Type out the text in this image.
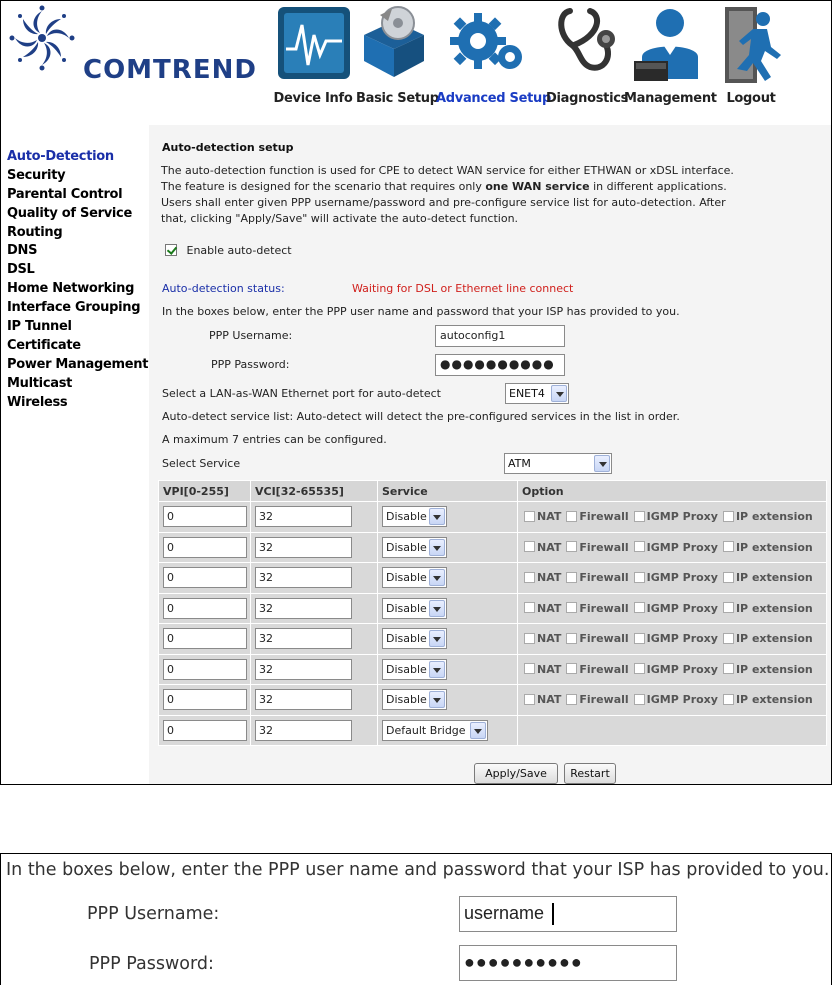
COMTREND
Device Info Basic Setup
Advanced Setup
Diagnostics
Management Logout
Auto-Detection
Security
Parental Control
Quality of Service
Routing
DNS
DSL
Home Networking
Interface Grouping
IP Tunnel
Certificate
Power Management
Multicast
Wireless
Auto-detection setup
The auto-detection function is used for CPE to detect WAN service for either ETHWAN or xDSL interface.
The feature is designed for the scenario that requires only one WAN service in different applications.
Users shall enter given PPP username/password and pre-configure service list for auto-detection. After
that, clicking "Apply/Save" will activate the auto-detect function.
Enable auto-detect
Auto-detection status:	Waiting for DSL or Ethernet line connect
In the boxes below, enter the PPP user name and password that your ISP has provided to you.
PPP Username:	autoconfig1
PPP Password:	●●●●●●●●●●
Select a LAN-as-WAN Ethernet port for auto-detect	ENET4
Auto-detect service list: Auto-detect will detect the pre-configured services in the list in order.
A maximum 7 entries can be configured.
Select Service	ATM
VPI[0-255]	VCI[32-65535]	Service	Option

0	32	Disable	NAT Firewall IGMP Proxy IP extension

0	32	Disable	NAT Firewall IGMP Proxy IP extension

0	32	Disable	NAT Firewall IGMP Proxy IP extension

0	32	Disable	NAT Firewall IGMP Proxy IP extension

0	32	Disable	NAT Firewall IGMP Proxy IP extension

0	32	Disable	NAT Firewall IGMP Proxy IP extension

0	32	Disable	NAT Firewall IGMP Proxy IP extension

0	32	Default Bridge	

Apply/Save	Restart
In the boxes below, enter the PPP user name and password that your ISP has provided to you.
PPP Username:	username
PPP Password:	●●●●●●●●●●
